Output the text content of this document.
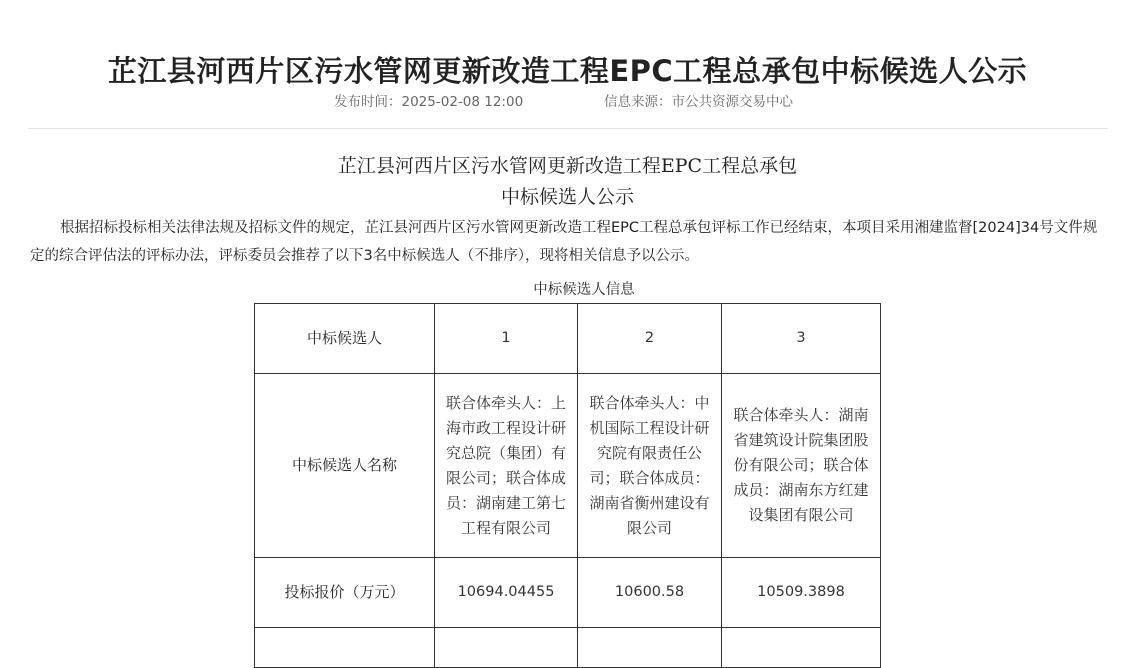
芷江县河西片区污水管网更新改造工程EPC工程总承包中标候选人公示
发布时间：2025-02-08 12:00	信息来源：市公共资源交易中心
芷江县河西片区污水管网更新改造工程EPC工程总承包
中标候选人公示

根据招标投标相关法律法规及招标文件的规定，芷江县河西片区污水管网更新改造工程EPC工程总承包评标工作已经结束，本项目采用湘建监督[2024]34号文件规定的综合评估法的评标办法，评标委员会推荐了以下3名中标候选人（不排序），现将相关信息予以公示。

中标候选人信息
中标候选人	1	2	3
中标候选人名称	联合体牵头人：上海市政工程设计研究总院（集团）有限公司；联合体成员：湖南建工第七工程有限公司	联合体牵头人：中机国际工程设计研究院有限责任公司；联合体成员：湖南省衡州建设有限公司	联合体牵头人：湖南省建筑设计院集团股份有限公司；联合体成员：湖南东方红建设集团有限公司
投标报价（万元）	10694.04455	10600.58	10509.3898
